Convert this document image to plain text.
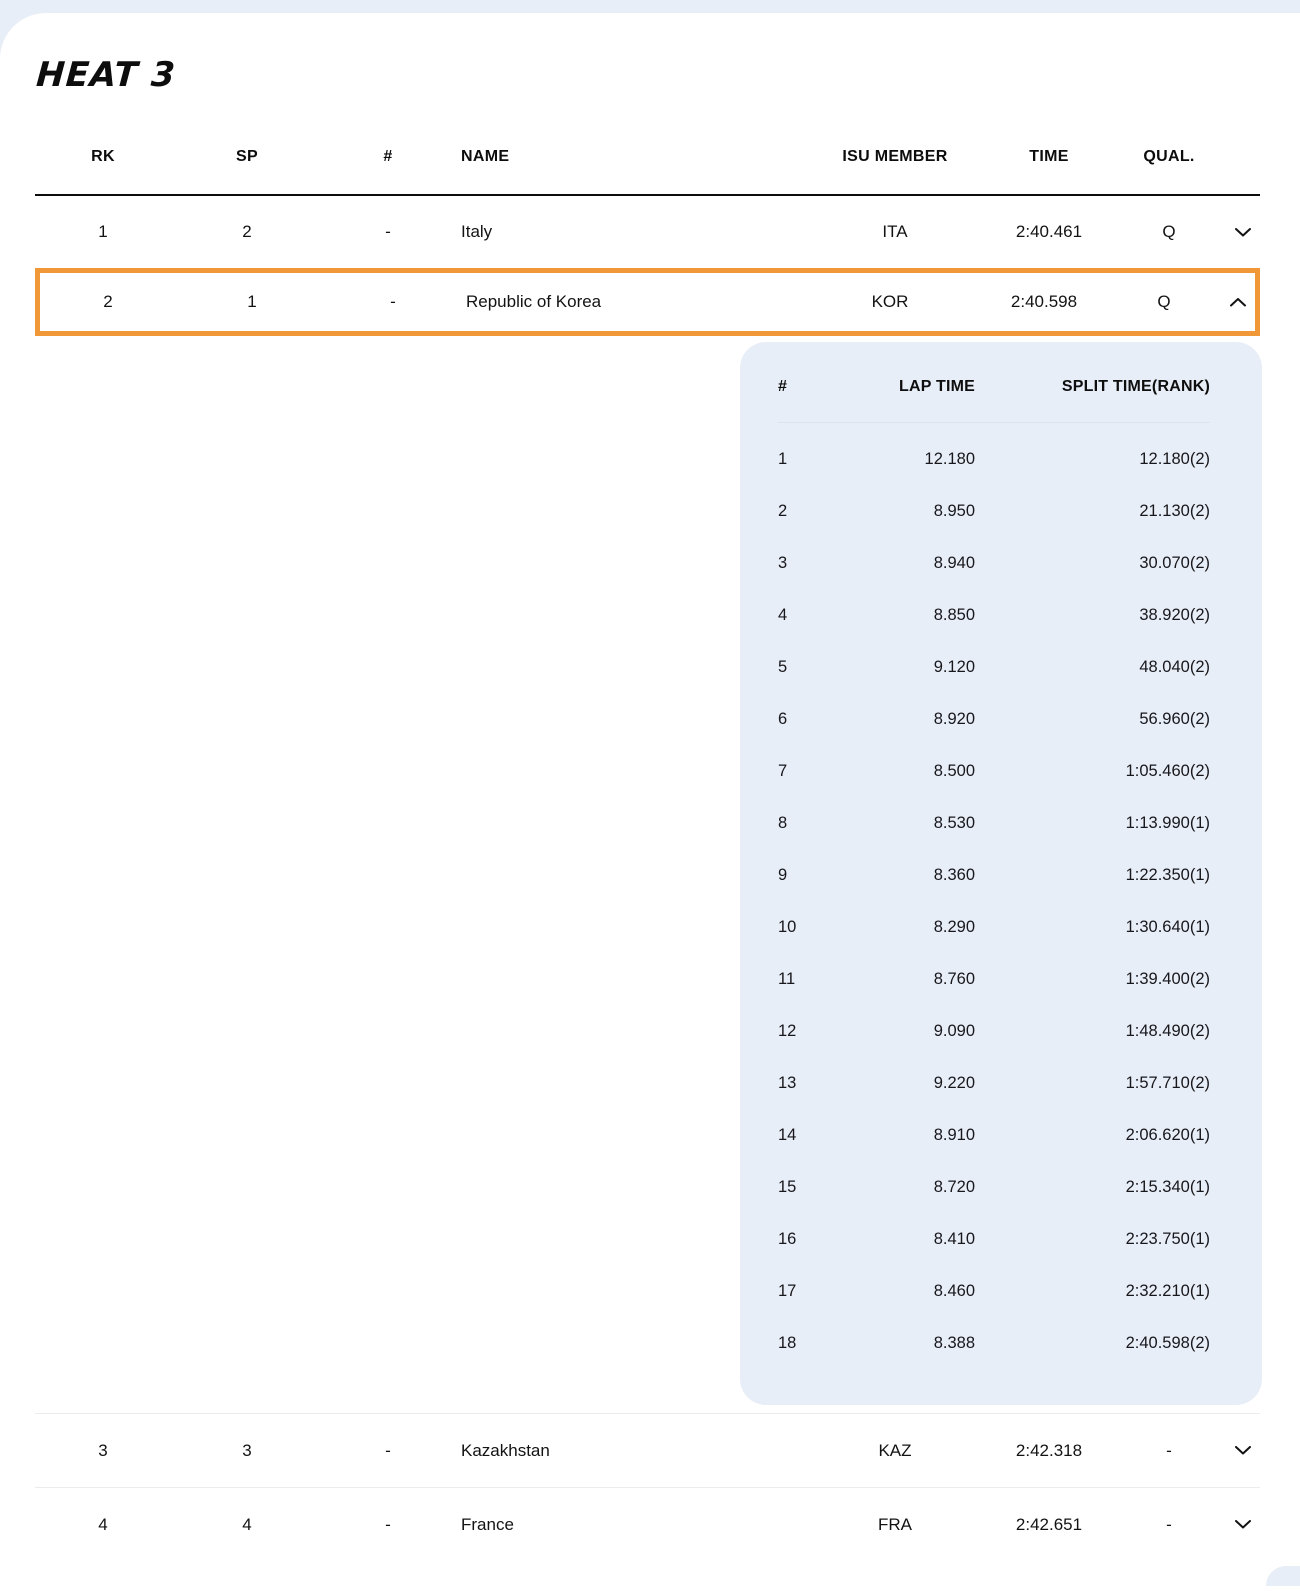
HEAT 3
RK	SP	#	NAME	ISU MEMBER	TIME	QUAL.
1	2	-	Italy	ITA	2:40.461	Q
2	1	-	Republic of Korea	KOR	2:40.598	Q
#	LAP TIME	SPLIT TIME(RANK)
1	12.180	12.180(2)
2	8.950	21.130(2)
3	8.940	30.070(2)
4	8.850	38.920(2)
5	9.120	48.040(2)
6	8.920	56.960(2)
7	8.500	1:05.460(2)
8	8.530	1:13.990(1)
9	8.360	1:22.350(1)
10	8.290	1:30.640(1)
11	8.760	1:39.400(2)
12	9.090	1:48.490(2)
13	9.220	1:57.710(2)
14	8.910	2:06.620(1)
15	8.720	2:15.340(1)
16	8.410	2:23.750(1)
17	8.460	2:32.210(1)
18	8.388	2:40.598(2)
3	3	-	Kazakhstan	KAZ	2:42.318	-
4	4	-	France	FRA	2:42.651	-
